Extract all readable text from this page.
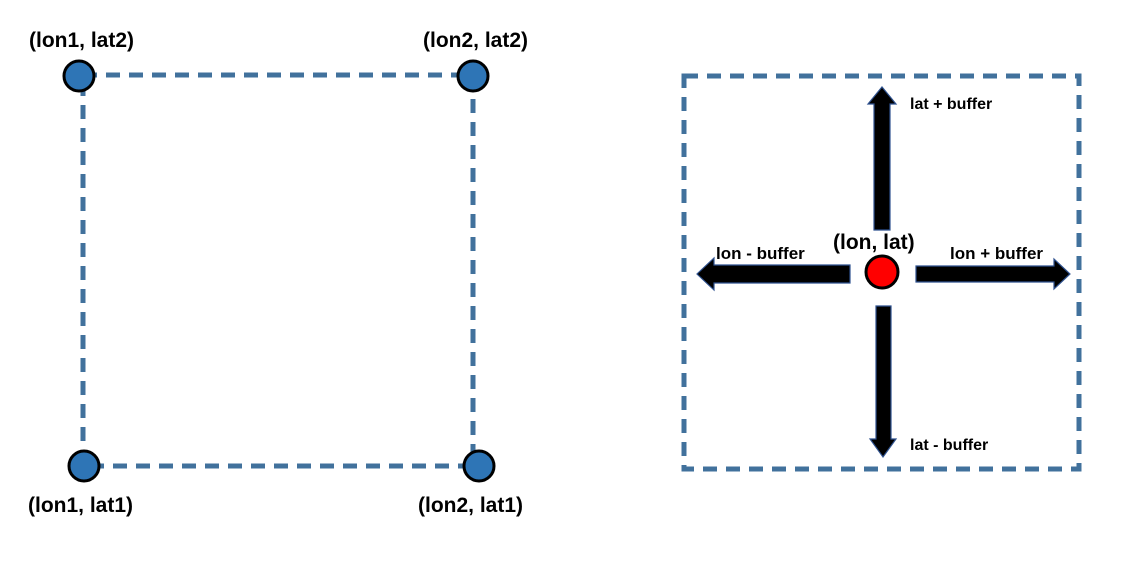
(lon1, lat2)	(lon2, lat2)
(lon1, lat1)	(lon2, lat1)
(lon, lat)
lat + buffer
lat - buffer
lon - buffer	lon + buffer
